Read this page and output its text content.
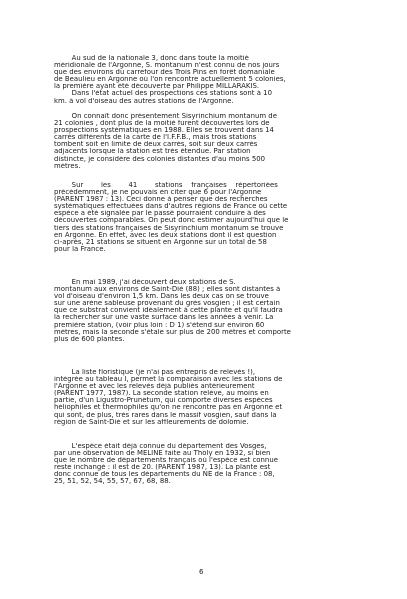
Au sud de la nationale 3, donc dans toute la moitié
méridionale de l'Argonne, S. montanum n'est connu de nos jours
que des environs du carrefour des Trois Pins en forêt domaniale
de Beaulieu en Argonne où l'on rencontre actuellement 5 colonies,
la première ayant été découverte par Philippe MILLARAKIS.
Dans l'état actuel des prospections ces stations sont à 10
km. à vol d'oiseau des autres stations de l'Argonne.
On connaît donc présentement Sisyrinchium montanum de
21 colonies , dont plus de la moitié furent découvertes lors de
prospections systématiques en 1988. Elles se trouvent dans 14
carrés différents de la carte de l'I.F.F.B., mais trois stations
tombent soit en limite de deux carrés, soit sur deux carrés
adjacents lorsque la station est très étendue. Par station
distincte, je considère des colonies distantes d'au moins 500
mètres.
Sur        les        41        stations    françaises    répertoriées
précédemment, je ne pouvais en citer que 6 pour l'Argonne
(PARENT 1987 : 13). Ceci donne à penser que des recherches
systématiques effectuées dans d'autres régions de France où cette
espèce a été signalée par le passé pourraient conduire à des
découvertes comparables. On peut donc estimer aujourd'hui que le
tiers des stations françaises de Sisyrinchium montanum se trouve
en Argonne. En effet, avec les deux stations dont il est question
ci-après, 21 stations se situent en Argonne sur un total de 58
pour la France.
En mai 1989, j'ai découvert deux stations de S.
montanum aux environs de Saint-Dié (88) ; elles sont distantes à
vol d'oiseau d'environ 1,5 km. Dans les deux cas on se trouve
sur une arène sableuse provenant du grès vosgien ; il est certain
que ce substrat convient idéalement à cette plante et qu'il faudra
la rechercher sur une vaste surface dans les années à venir. La
première station, (voir plus loin : D 1) s'étend sur environ 60
mètres, mais la seconde s'étale sur plus de 200 mètres et comporte
plus de 600 plantes.
La liste floristique (je n'ai pas entrepris de relevés !),
intégrée au tableau I, permet la comparaison avec les stations de
l'Argonne et avec les relevés déjà publiés antérieurement
(PARENT 1977, 1987). La seconde station relève, au moins en
partie, d'un Ligustro-Prunetum, qui comporte diverses espèces
héliophiles et thermophiles qu'on ne rencontre pas en Argonne et
qui sont, de plus, très rares dans le massif vosgien, sauf dans la
région de Saint-Dié et sur les affleurements de dolomie.
L'espèce était déjà connue du département des Vosges,
par une observation de MELINE faite au Tholy en 1932, si bien
que le nombre de départements français où l'espèce est connue
reste inchangé : il est de 20. (PARENT 1987, 13). La plante est
donc connue de tous les départements du NE de la France : 08,
25, 51, 52, 54, 55, 57, 67, 68, 88.
6
